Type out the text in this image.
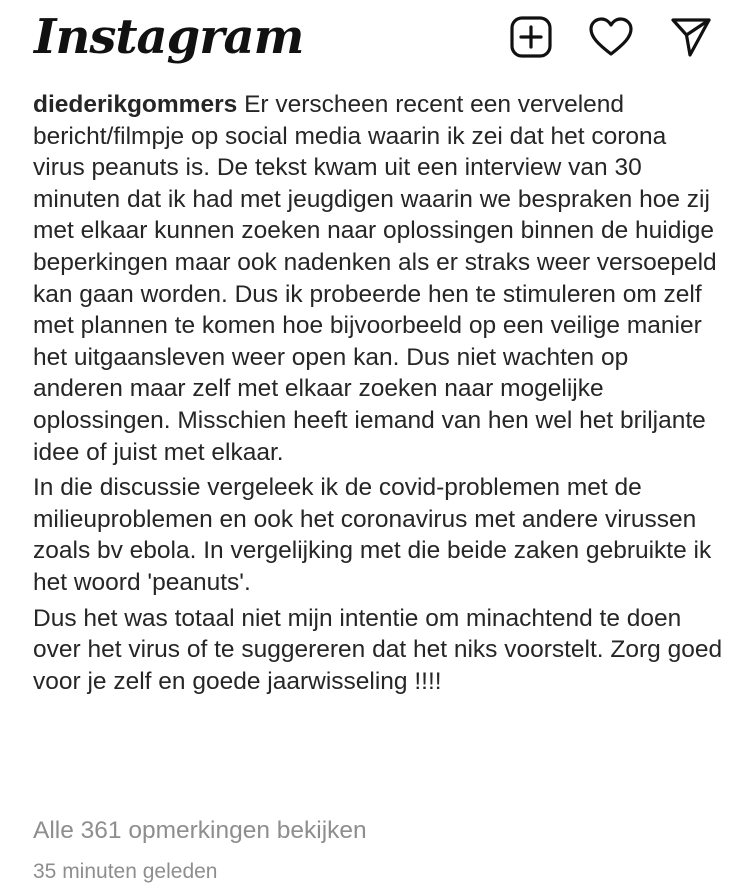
Instagram

diederikgommers Er verscheen recent een vervelend bericht/filmpje op social media waarin ik zei dat het corona virus peanuts is. De tekst kwam uit een interview van 30 minuten dat ik had met jeugdigen waarin we bespraken hoe zij met elkaar kunnen zoeken naar oplossingen binnen de huidige beperkingen maar ook nadenken als er straks weer versoepeld kan gaan worden. Dus ik probeerde hen te stimuleren om zelf met plannen te komen hoe bijvoorbeeld op een veilige manier het uitgaansleven weer open kan. Dus niet wachten op anderen maar zelf met elkaar zoeken naar mogelijke oplossingen. Misschien heeft iemand van hen wel het briljante idee of juist met elkaar.

In die discussie vergeleek ik de covid-problemen met de milieuproblemen en ook het coronavirus met andere virussen zoals bv ebola. In vergelijking met die beide zaken gebruikte ik het woord 'peanuts'.

Dus het was totaal niet mijn intentie om minachtend te doen over het virus of te suggereren dat het niks voorstelt. Zorg goed voor je zelf en goede jaarwisseling !!!!

Alle 361 opmerkingen bekijken
35 minuten geleden
